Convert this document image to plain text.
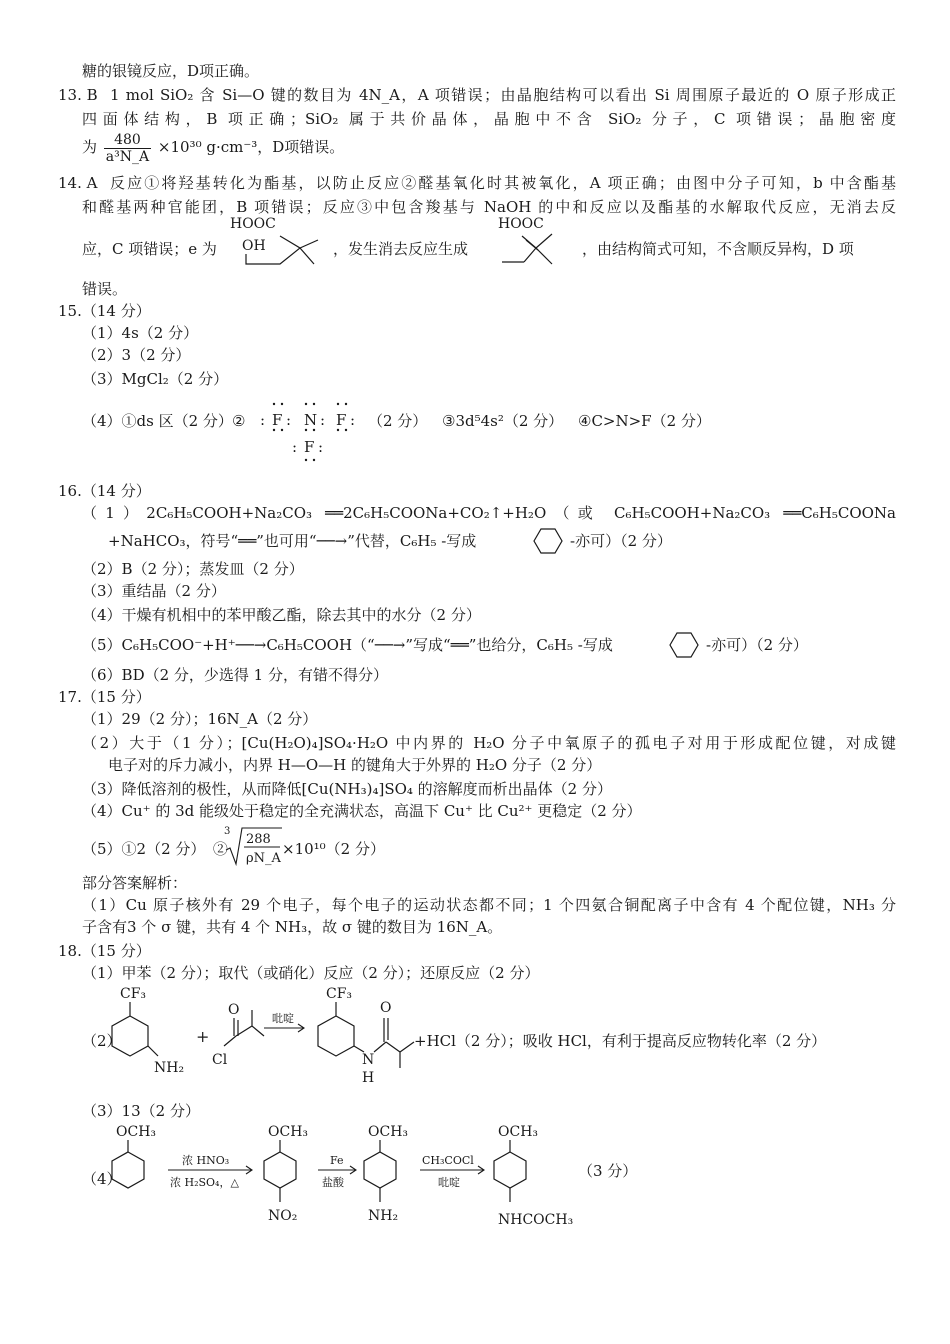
糖的银镜反应，D项正确。
13. B 1 mol SiO₂ 含 Si—O 键的数目为 4N_A，A 项错误；由晶胞结构可以看出 Si 周围原子最近的 O 原子形成正
四面体结构，B 项正确；SiO₂ 属于共价晶体，晶胞中不含 SiO₂ 分子，C 项错误；晶胞密度
为 $\frac{480}{\text{a³N\_A}} \times 10^{30}$ g·cm⁻³，D项错误。
14. A 反应①将羟基转化为酯基，以防止反应②醛基氧化时其被氧化，A 项正确；由图中分子可知，b 中含酯基
和醛基两种官能团，B 项错误；反应③中包含羧基与 NaOH 的中和反应以及酯基的水解取代反应，无消去反
应，C 项错误；e 为
HOOC
OH	，发生消去反应生成
HOOC
，由结构简式可知，不含顺反异构，D 项
错误。
15.（14 分）
（1）4s（2 分）
（2）3（2 分）
（3）MgCl₂（2 分）
（4）①ds 区（2 分） ② : F : N : F :
: F :
（2 分） ③3d⁵4s²（2 分） ④C>N>F（2 分）
16.（14 分）
（1）2C₆H₅COOH+Na₂CO₃ ══2C₆H₅COONa+CO₂↑+H₂O（或 C₆H₅COOH+Na₂CO₃ ══C₆H₅COONa
+NaHCO₃，符号“══”也可用“──→”代替，C₆H₅ -写成	-亦可）（2 分）
（2）B（2 分）；蒸发皿（2 分）
（3）重结晶（2 分）
（4）干燥有机相中的苯甲酸乙酯，除去其中的水分（2 分）
（5）C₆H₅COO⁻+H⁺──→C₆H₅COOH（“──→”写成“══”也给分，C₆H₅ -写成	-亦可）（2 分）
（6）BD（2 分，少选得 1 分，有错不得分）
17.（15 分）
（1）29（2 分）；16N_A（2 分）
（2）大于（1 分）；[Cu(H₂O)₄]SO₄·H₂O 中内界的 H₂O 分子中氧原子的孤电子对用于形成配位键，对成键
电子对的斥力减小，内界 H—O—H 的键角大于外界的 H₂O 分子（2 分）
（3）降低溶剂的极性，从而降低[Cu(NH₃)₄]SO₄ 的溶解度而析出晶体（2 分）
（4）Cu⁺ 的 3d 能级处于稳定的全充满状态，高温下 Cu⁺ 比 Cu²⁺ 更稳定（2 分）
（5）①2（2 分）　②
3
288
ρN_A
×10¹⁰（2 分）
部分答案解析：
（1）Cu 原子核外有 29 个电子，每个电子的运动状态都不同；1 个四氨合铜配离子中含有 4 个配位键，NH₃ 分
子含有3 个 σ 键，共有 4 个 NH₃，故 σ 键的数目为 16N_A。
18.（15 分）
（1）甲苯（2 分）；取代（或硝化）反应（2 分）；还原反应（2 分）
（2）
CF₃
NH₂
+
O
Cl
吡啶
CF₃
N
H
O
+HCl（2 分）；吸收 HCl，有利于提高反应物转化率（2 分）
（3）13（2 分）
（4）
OCH₃
浓 HNO₃
浓 H₂SO₄，△
OCH₃
NO₂
Fe
盐酸
OCH₃
NH₂
CH₃COCl
吡啶
OCH₃
NHCOCH₃
（3 分）
